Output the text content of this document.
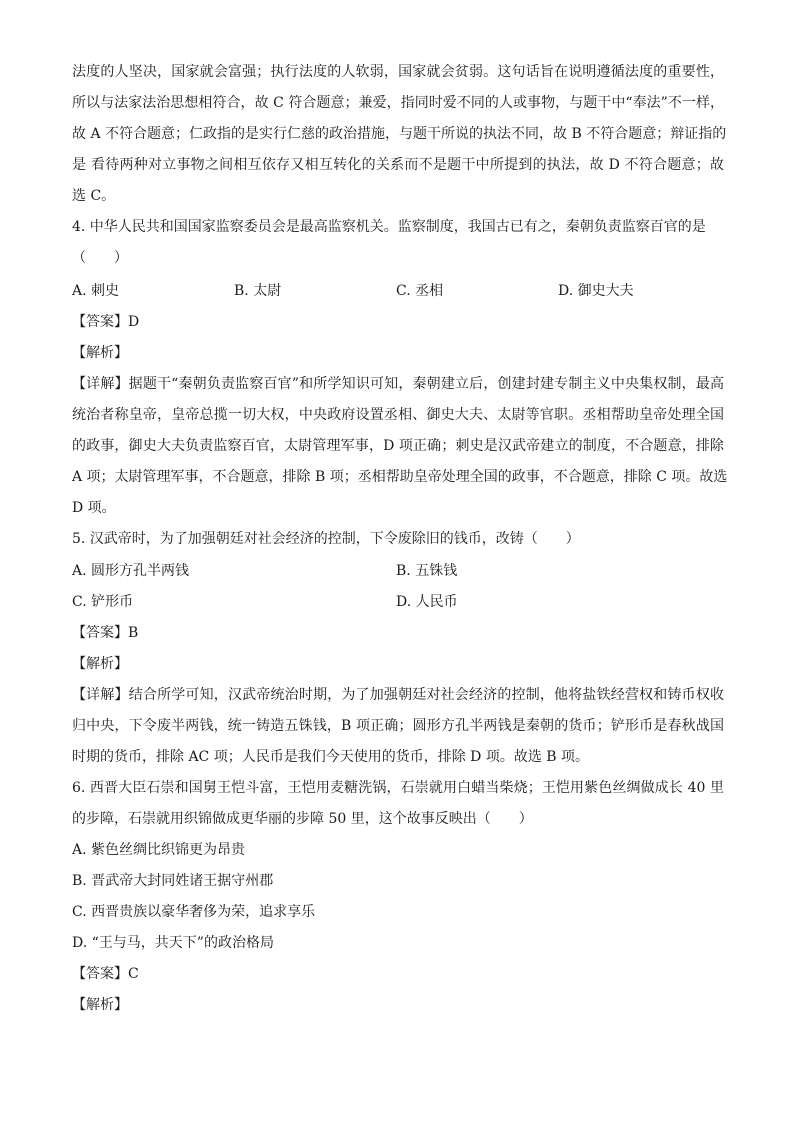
法度的人坚决，国家就会富强；执行法度的人软弱，国家就会贫弱。这句话旨在说明遵循法度的重要性，
所以与法家法治思想相符合，故 C 符合题意；兼爱，指同时爱不同的人或事物，与题干中“奉法”不一样，
故 A 不符合题意；仁政指的是实行仁慈的政治措施，与题干所说的执法不同，故 B 不符合题意；辩证指的
是 看待两种对立事物之间相互依存又相互转化的关系而不是题干中所提到的执法，故 D 不符合题意；故
选 C。
4. 中华人民共和国国家监察委员会是最高监察机关。监察制度，我国古已有之，秦朝负责监察百官的是
（　　）
A. 刺史	B. 太尉	C. 丞相	D. 御史大夫
【答案】D
【解析】
【详解】据题干“秦朝负责监察百官”和所学知识可知，秦朝建立后，创建封建专制主义中央集权制，最高
统治者称皇帝，皇帝总揽一切大权，中央政府设置丞相、御史大夫、太尉等官职。丞相帮助皇帝处理全国
的政事，御史大夫负责监察百官，太尉管理军事，D 项正确；刺史是汉武帝建立的制度，不合题意，排除
A 项；太尉管理军事，不合题意，排除 B 项；丞相帮助皇帝处理全国的政事，不合题意，排除 C 项。故选
D 项。
5. 汉武帝时，为了加强朝廷对社会经济的控制，下令废除旧的钱币，改铸（　　）
A. 圆形方孔半两钱	B. 五铢钱
C. 铲形币	D. 人民币
【答案】B
【解析】
【详解】结合所学可知，汉武帝统治时期，为了加强朝廷对社会经济的控制，他将盐铁经营权和铸币权收
归中央，下令废半两钱，统一铸造五铢钱，B 项正确；圆形方孔半两钱是秦朝的货币；铲形币是春秋战国
时期的货币，排除 AC 项；人民币是我们今天使用的货币，排除 D 项。故选 B 项。
6. 西晋大臣石崇和国舅王恺斗富，王恺用麦糖洗锅，石崇就用白蜡当柴烧；王恺用紫色丝绸做成长 40 里
的步障，石崇就用织锦做成更华丽的步障 50 里，这个故事反映出（　　）
A. 紫色丝绸比织锦更为昂贵
B. 晋武帝大封同姓诸王据守州郡
C. 西晋贵族以豪华奢侈为荣，追求享乐
D. “王与马，共天下”的政治格局
【答案】C
【解析】
